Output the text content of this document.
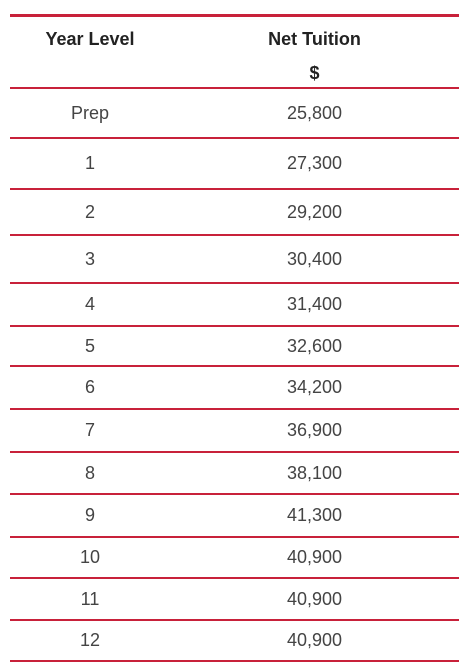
Year Level	Net Tuition
$
Prep	25,800
1	27,300
2	29,200
3	30,400
4	31,400
5	32,600
6	34,200
7	36,900
8	38,100
9	41,300
10	40,900
11	40,900
12	40,900
